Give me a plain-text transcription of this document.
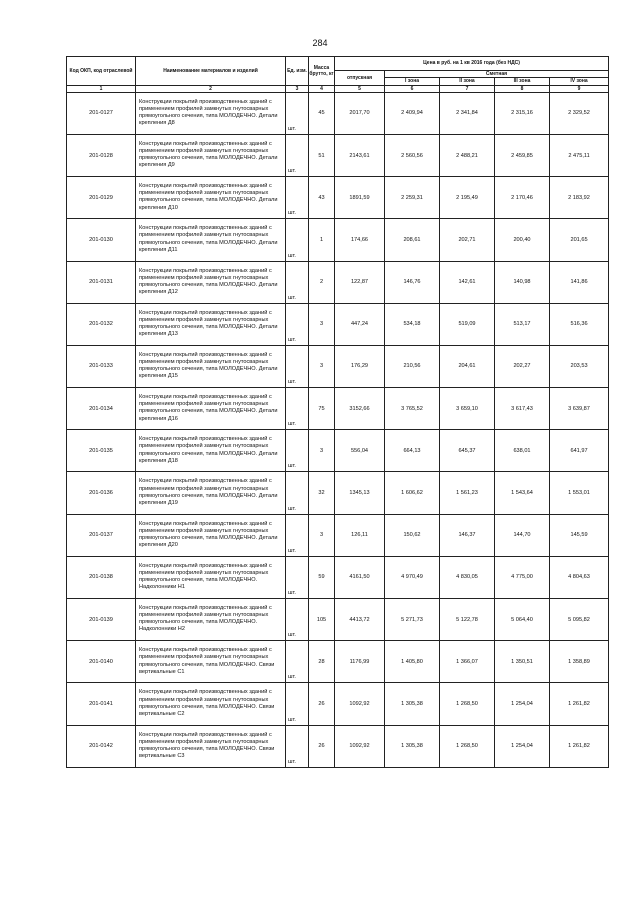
284
Код ОКП, код отраслевой	Наименование материалов и изделий	Ед. изм.	Масса брутто, кг	Цена в руб. на 1 кв 2016 года (без НДС)				
				отпускная	Сметная			
					I зона	II зона	III зона	IV зона
1	2	3	4	5	6	7	8	9
201-0127	Конструкции покрытий производственных зданий с применением профилей замкнутых гнутосварных прямоугольного сечения, типа МОЛОДЕЧНО. Детали крепления Д8	шт.	45	2017,70	2 409,94	2 341,84	2 315,16	2 329,52
201-0128	Конструкции покрытий производственных зданий с применением профилей замкнутых гнутосварных прямоугольного сечения, типа МОЛОДЕЧНО. Детали крепления Д9	шт.	51	2143,61	2 560,56	2 488,21	2 459,85	2 475,11
201-0129	Конструкции покрытий производственных зданий с применением профилей замкнутых гнутосварных прямоугольного сечения, типа МОЛОДЕЧНО. Детали крепления Д10	шт.	43	1891,59	2 259,31	2 195,49	2 170,46	2 183,92
201-0130	Конструкции покрытий производственных зданий с применением профилей замкнутых гнутосварных прямоугольного сечения, типа МОЛОДЕЧНО. Детали крепления Д11	шт.	1	174,66	208,61	202,71	200,40	201,65
201-0131	Конструкции покрытий производственных зданий с применением профилей замкнутых гнутосварных прямоугольного сечения, типа МОЛОДЕЧНО. Детали крепления Д12	шт.	2	122,87	146,76	142,61	140,98	141,86
201-0132	Конструкции покрытий производственных зданий с применением профилей замкнутых гнутосварных прямоугольного сечения, типа МОЛОДЕЧНО. Детали крепления Д13	шт.	3	447,24	534,18	519,09	513,17	516,36
201-0133	Конструкции покрытий производственных зданий с применением профилей замкнутых гнутосварных прямоугольного сечения, типа МОЛОДЕЧНО. Детали крепления Д15	шт.	3	176,29	210,56	204,61	202,27	203,53
201-0134	Конструкции покрытий производственных зданий с применением профилей замкнутых гнутосварных прямоугольного сечения, типа МОЛОДЕЧНО. Детали крепления Д16	шт.	75	3152,66	3 765,52	3 659,10	3 617,43	3 639,87
201-0135	Конструкции покрытий производственных зданий с применением профилей замкнутых гнутосварных прямоугольного сечения, типа МОЛОДЕЧНО. Детали крепления Д18	шт.	3	556,04	664,13	645,37	638,01	641,97
201-0136	Конструкции покрытий производственных зданий с применением профилей замкнутых гнутосварных прямоугольного сечения, типа МОЛОДЕЧНО. Детали крепления Д19	шт.	32	1345,13	1 606,62	1 561,23	1 543,64	1 553,01
201-0137	Конструкции покрытий производственных зданий с применением профилей замкнутых гнутосварных прямоугольного сечения, типа МОЛОДЕЧНО. Детали крепления Д20	шт.	3	126,11	150,62	146,37	144,70	145,59
201-0138	Конструкции покрытий производственных зданий с применением профилей замкнутых гнутосварных прямоугольного сечения, типа МОЛОДЕЧНО. Надколонники Н1	шт.	59	4161,50	4 970,49	4 830,05	4 775,00	4 804,63
201-0139	Конструкции покрытий производственных зданий с применением профилей замкнутых гнутосварных прямоугольного сечения, типа МОЛОДЕЧНО. Надколонники Н2	шт.	105	4413,72	5 271,73	5 122,78	5 064,40	5 095,82
201-0140	Конструкции покрытий производственных зданий с применением профилей замкнутых гнутосварных прямоугольного сечения, типа МОЛОДЕЧНО. Связи вертикальные С1	шт.	28	1176,99	1 405,80	1 366,07	1 350,51	1 358,89
201-0141	Конструкции покрытий производственных зданий с применением профилей замкнутых гнутосварных прямоугольного сечения, типа МОЛОДЕЧНО. Связи вертикальные С2	шт.	26	1092,92	1 305,38	1 268,50	1 254,04	1 261,82
201-0142	Конструкции покрытий производственных зданий с применением профилей замкнутых гнутосварных прямоугольного сечения, типа МОЛОДЕЧНО. Связи вертикальные С3	шт.	26	1092,92	1 305,38	1 268,50	1 254,04	1 261,82
